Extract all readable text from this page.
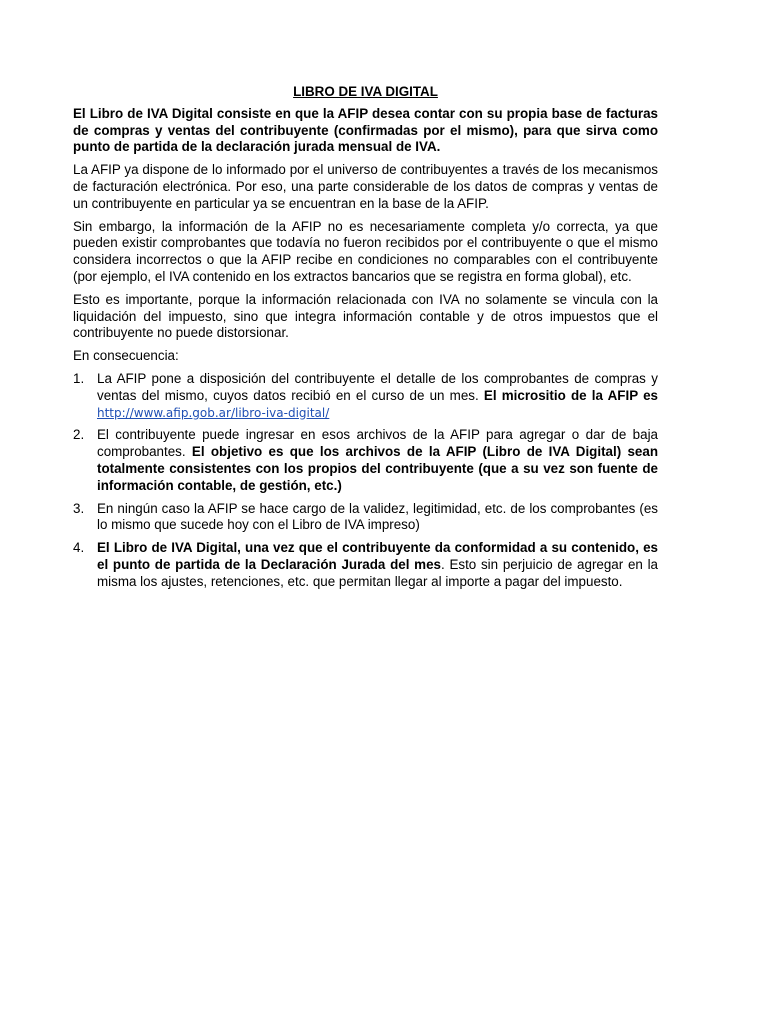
LIBRO DE IVA DIGITAL

El Libro de IVA Digital consiste en que la AFIP desea contar con su propia base de facturas de compras y ventas del contribuyente (confirmadas por el mismo), para que sirva como punto de partida de la declaración jurada mensual de IVA.

La AFIP ya dispone de lo informado por el universo de contribuyentes a través de los mecanismos de facturación electrónica. Por eso, una parte considerable de los datos de compras y ventas de un contribuyente en particular ya se encuentran en la base de la AFIP.

Sin embargo, la información de la AFIP no es necesariamente completa y/o correcta, ya que pueden existir comprobantes que todavía no fueron recibidos por el contribuyente o que el mismo considera incorrectos o que la AFIP recibe en condiciones no comparables con el contribuyente (por ejemplo, el IVA contenido en los extractos bancarios que se registra en forma global), etc.

Esto es importante, porque la información relacionada con IVA no solamente se vincula con la liquidación del impuesto, sino que integra información contable y de otros impuestos que el contribuyente no puede distorsionar.

En consecuencia:

1. La AFIP pone a disposición del contribuyente el detalle de los comprobantes de compras y ventas del mismo, cuyos datos recibió en el curso de un mes. El micrositio de la AFIP es http://www.afip.gob.ar/libro-iva-digital/
2. El contribuyente puede ingresar en esos archivos de la AFIP para agregar o dar de baja comprobantes. El objetivo es que los archivos de la AFIP (Libro de IVA Digital) sean totalmente consistentes con los propios del contribuyente (que a su vez son fuente de información contable, de gestión, etc.)
3. En ningún caso la AFIP se hace cargo de la validez, legitimidad, etc. de los comprobantes (es lo mismo que sucede hoy con el Libro de IVA impreso)
4. El Libro de IVA Digital, una vez que el contribuyente da conformidad a su contenido, es el punto de partida de la Declaración Jurada del mes. Esto sin perjuicio de agregar en la misma los ajustes, retenciones, etc. que permitan llegar al importe a pagar del impuesto.
